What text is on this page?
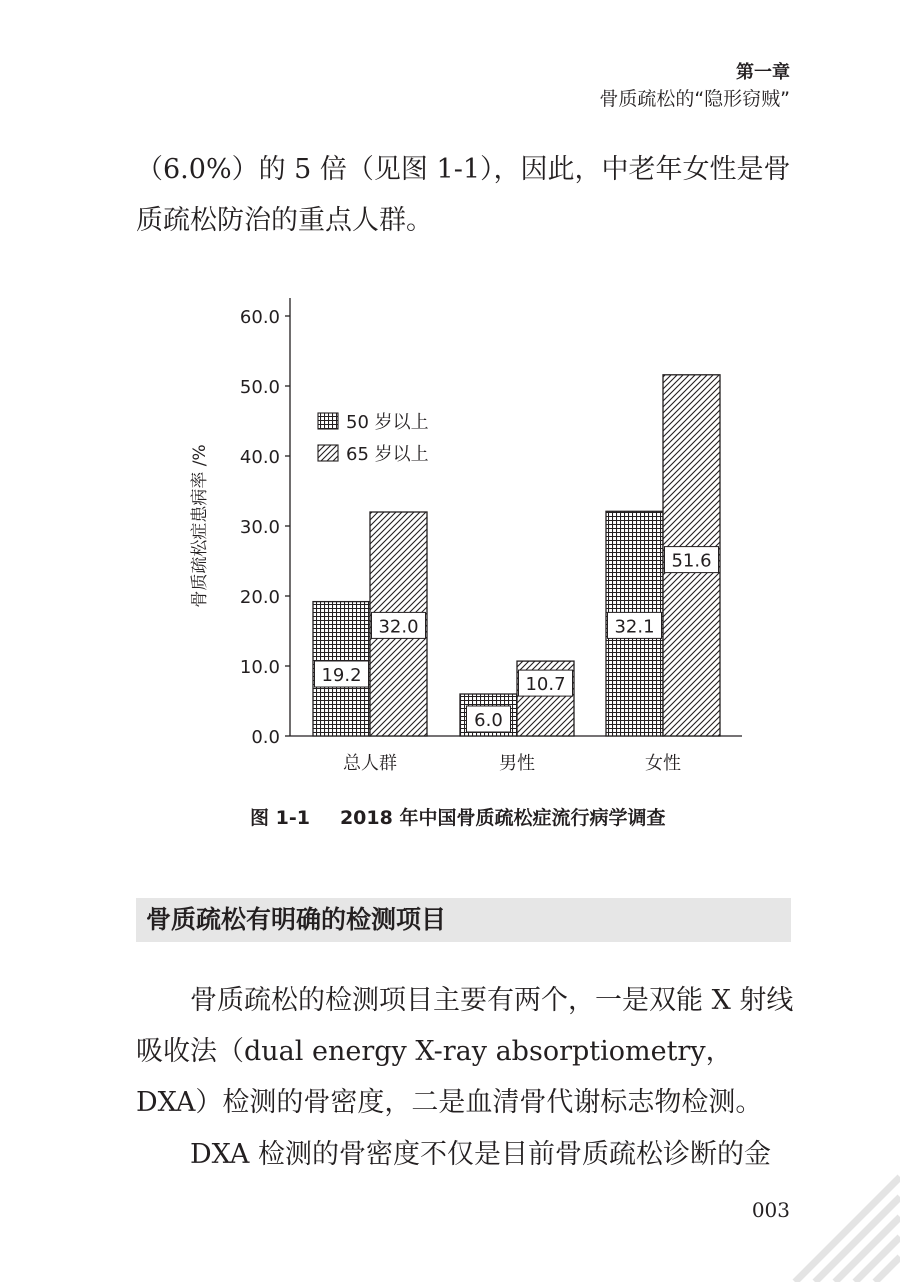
第一章
骨质疏松的“隐形窃贼”

（6.0%）的 5 倍（见图 1-1），因此，中老年女性是骨质疏松防治的重点人群。

0.0
10.0
20.0
30.0
40.0
50.0
60.0
骨质疏松症患病率 /%
19.2
32.0
总人群
6.0
10.7
男性
32.1
51.6
女性
50 岁以上
65 岁以上
图 1-1 2018 年中国骨质疏松症流行病学调查
骨质疏松有明确的检测项目

骨质疏松的检测项目主要有两个，一是双能 X 射线吸收法（dual energy X-ray absorptiometry，DXA）检测的骨密度，二是血清骨代谢标志物检测。

DXA 检测的骨密度不仅是目前骨质疏松诊断的金

003
